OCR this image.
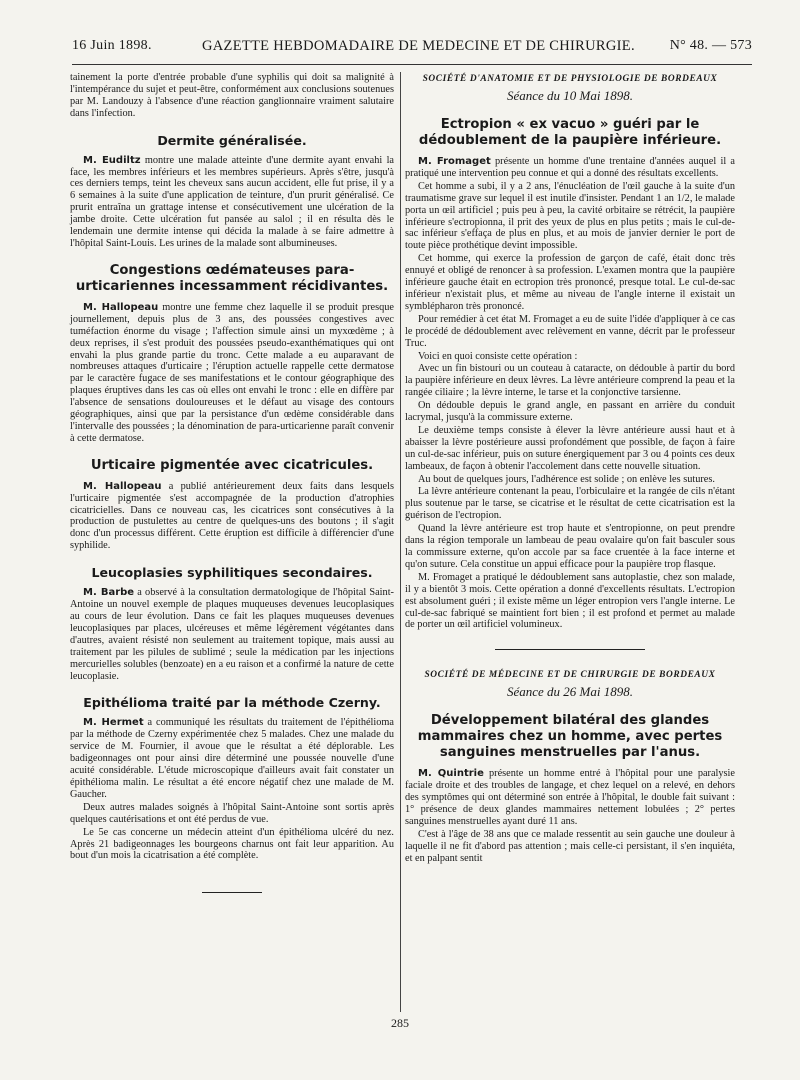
16 Juin 1898.	GAZETTE HEBDOMADAIRE DE MEDECINE ET DE CHIRURGIE. N° 48. — 573

tainement la porte d'entrée probable d'une syphilis qui doit sa malignité à l'intempérance du sujet et peut-être, conformément aux conclusions soutenues par M. Landouzy à l'absence d'une réaction ganglionnaire vraiment salutaire dans l'infection.

Dermite généralisée.

M. Eudiltz montre une malade atteinte d'une dermite ayant envahi la face, les membres inférieurs et les membres supérieurs. Après s'être, jusqu'à ces derniers temps, teint les cheveux sans aucun accident, elle fut prise, il y a 6 semaines à la suite d'une application de teinture, d'un prurit généralisé. Ce prurit entraîna un grattage intense et consécutivement une ulcération de la jambe droite. Cette ulcération fut pansée au salol ; il en résulta dès le lendemain une dermite intense qui décida la malade à se faire admettre à l'hôpital Saint-Louis. Les urines de la malade sont albumineuses.

Congestions œdémateuses para-urticariennes incessamment récidivantes.

M. Hallopeau montre une femme chez laquelle il se produit presque journellement, depuis plus de 3 ans, des poussées congestives avec tuméfaction énorme du visage ; l'affection simule ainsi un myxœdème ; à deux reprises, il s'est produit des poussées pseudo-exanthématiques qui ont envahi la plus grande partie du tronc. Cette malade a eu auparavant de nombreuses attaques d'urticaire ; l'éruption actuelle rappelle cette dermatose par le caractère fugace de ses manifestations et le contour géographique des plaques éruptives dans les cas où elles ont envahi le tronc : elle en diffère par l'absence de sensations douloureuses et le défaut au visage des contours géographiques, ainsi que par la persistance d'un œdème considérable dans l'intervalle des poussées ; la dénomination de para-urticarienne paraît convenir à cette dermatose.

Urticaire pigmentée avec cicatricules.

M. Hallopeau a publié antérieurement deux faits dans lesquels l'urticaire pigmentée s'est accompagnée de la production d'atrophies cicatricielles. Dans ce nouveau cas, les cicatrices sont consécutives à la production de pustulettes au centre de quelques-uns des boutons ; il s'agit donc d'un processus différent. Cette éruption est difficile à différencier d'une syphilide.

Leucoplasies syphilitiques secondaires.

M. Barbe a observé à la consultation dermatologique de l'hôpital Saint-Antoine un nouvel exemple de plaques muqueuses devenues leucoplasiques au cours de leur évolution. Dans ce fait les plaques muqueuses devenues leucoplasiques par places, ulcéreuses et même légèrement végétantes dans d'autres, avaient résisté non seulement au traitement topique, mais aussi au traitement par les pilules de sublimé ; seule la médication par les injections mercurielles solubles (benzoate) en a eu raison et a confirmé la nature de cette leucoplasie.

Epithélioma traité par la méthode Czerny.

M. Hermet a communiqué les résultats du traitement de l'épithélioma par la méthode de Czerny expérimentée chez 5 malades. Chez une malade du service de M. Fournier, il avoue que le résultat a été déplorable. Les badigeonnages ont pour ainsi dire déterminé une poussée nouvelle d'une acuité considérable. L'étude microscopique d'ailleurs avait fait constater un épithélioma malin. Le résultat a été encore négatif chez une malade de M. Gaucher.

Deux autres malades soignés à l'hôpital Saint-Antoine sont sortis après quelques cautérisations et ont été perdus de vue.

Le 5e cas concerne un médecin atteint d'un épithélioma ulcéré du nez. Après 21 badigeonnages les bourgeons charnus ont fait leur apparition. Au bout d'un mois la cicatrisation a été complète.

SOCIÉTÉ D'ANATOMIE ET DE PHYSIOLOGIE DE BORDEAUX
Séance du 10 Mai 1898.
Ectropion « ex vacuo » guéri par le dédoublement de la paupière inférieure.

M. Fromaget présente un homme d'une trentaine d'années auquel il a pratiqué une intervention peu connue et qui a donné des résultats excellents.

Cet homme a subi, il y a 2 ans, l'énucléation de l'œil gauche à la suite d'un traumatisme grave sur lequel il est inutile d'insister. Pendant 1 an 1/2, le malade porta un œil artificiel ; puis peu à peu, la cavité orbitaire se rétrécit, la paupière inférieure s'ectropionna, il prit des yeux de plus en plus petits ; mais le cul-de-sac inférieur s'effaça de plus en plus, et au mois de janvier dernier le port de toute pièce prothétique devint impossible.

Cet homme, qui exerce la profession de garçon de café, était donc très ennuyé et obligé de renoncer à sa profession. L'examen montra que la paupière inférieure gauche était en ectropion très prononcé, presque total. Le cul-de-sac inférieur n'existait plus, et même au niveau de l'angle interne il existait un symblépharon très prononcé.

Pour remédier à cet état M. Fromaget a eu de suite l'idée d'appliquer à ce cas le procédé de dédoublement avec relèvement en vanne, décrit par le professeur Truc.

Voici en quoi consiste cette opération :

Avec un fin bistouri ou un couteau à cataracte, on dédouble à partir du bord la paupière inférieure en deux lèvres. La lèvre antérieure comprend la peau et la rangée ciliaire ; la lèvre interne, le tarse et la conjonctive tarsienne.

On dédouble depuis le grand angle, en passant en arrière du conduit lacrymal, jusqu'à la commissure externe.

Le deuxième temps consiste à élever la lèvre antérieure aussi haut et à abaisser la lèvre postérieure aussi profondément que possible, de façon à faire un cul-de-sac inférieur, puis on suture énergiquement par 3 ou 4 points ces deux lambeaux, de façon à obtenir l'accolement dans cette nouvelle situation.

Au bout de quelques jours, l'adhérence est solide ; on enlève les sutures.

La lèvre antérieure contenant la peau, l'orbiculaire et la rangée de cils n'étant plus soutenue par le tarse, se cicatrise et le résultat de cette cicatrisation est la guérison de l'ectropion.

Quand la lèvre antérieure est trop haute et s'entropionne, on peut prendre dans la région temporale un lambeau de peau ovalaire qu'on fait basculer sous la commissure externe, qu'on accole par sa face cruentée à la face interne et qu'on suture. Cela constitue un appui efficace pour la paupière trop flasque.

M. Fromaget a pratiqué le dédoublement sans autoplastie, chez son malade, il y a bientôt 3 mois. Cette opération a donné d'excellents résultats. L'ectropion est absolument guéri ; il existe même un léger entropion vers l'angle interne. Le cul-de-sac fabriqué se maintient fort bien ; il est profond et permet au malade de porter un œil artificiel volumineux.

SOCIÉTÉ DE MÉDECINE ET DE CHIRURGIE DE BORDEAUX
Séance du 26 Mai 1898.
Développement bilatéral des glandes mammaires chez un homme, avec pertes sanguines menstruelles par l'anus.

M. Quintrie présente un homme entré à l'hôpital pour une paralysie faciale droite et des troubles de langage, et chez lequel on a relevé, en dehors des symptômes qui ont déterminé son entrée à l'hôpital, le double fait suivant : 1° présence de deux glandes mammaires nettement lobulées ; 2° pertes sanguines menstruelles ayant duré 11 ans.

C'est à l'âge de 38 ans que ce malade ressentit au sein gauche une douleur à laquelle il ne fit d'abord pas attention ; mais celle-ci persistant, il s'en inquiéta, et en palpant sentit

285
